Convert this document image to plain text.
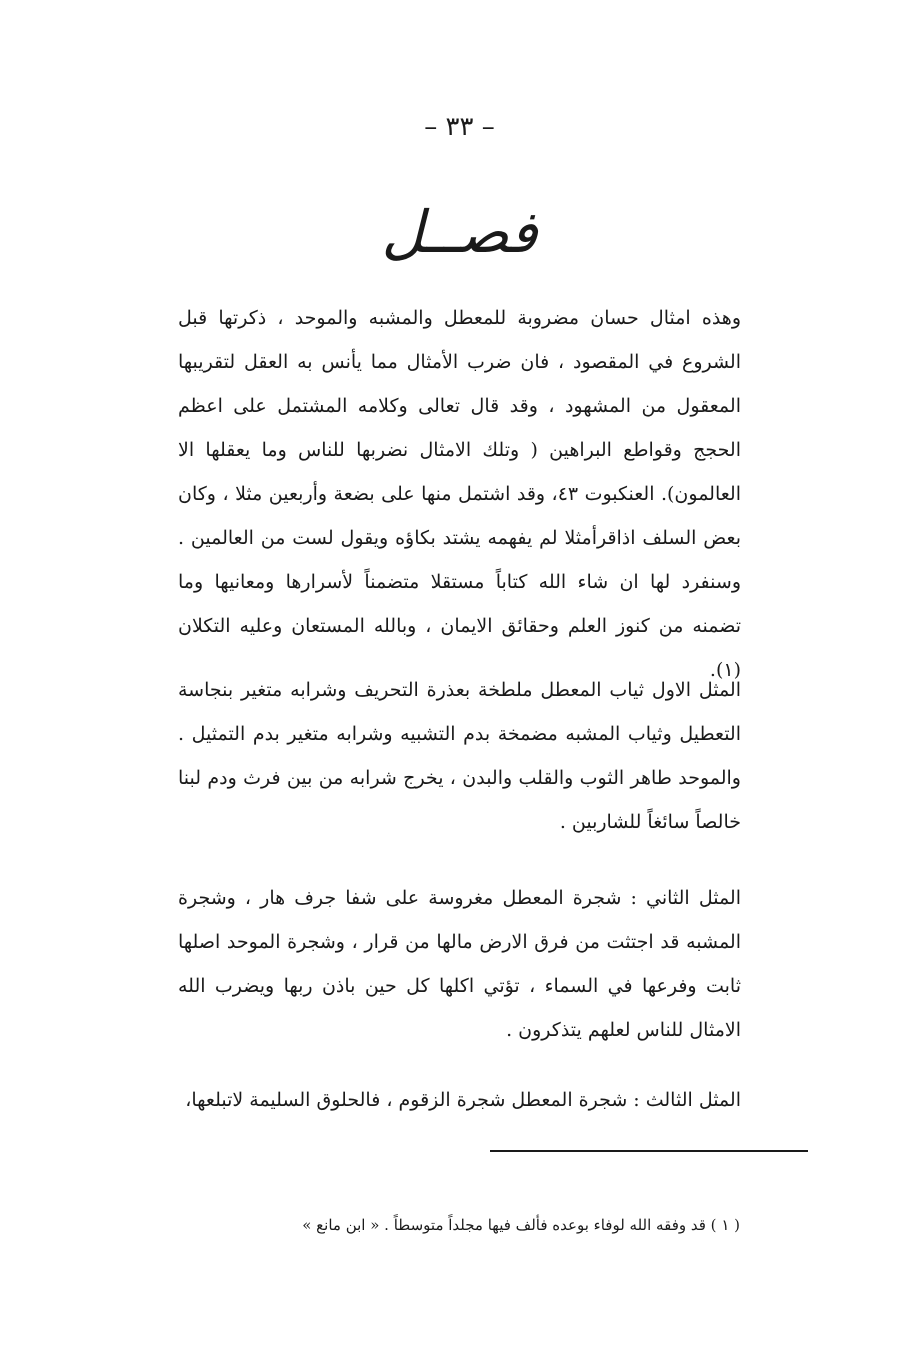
– ٣٣ –
فصــل

وهذه امثال حسان مضروبة للمعطل والمشبه والموحد ، ذكرتها قبل الشروع في المقصود ، فان ضرب الأمثال مما يأنس به العقل لتقريبها المعقول من المشهود ، وقد قال تعالى وكلامه المشتمل على اعظم الحجج وقواطع البراهين ( وتلك الامثال نضربها للناس وما يعقلها الا العالمون). العنكبوت ٤٣، وقد اشتمل منها على بضعة وأربعين مثلا ، وكان بعض السلف اذاقرأمثلا لم يفهمه يشتد بكاؤه ويقول لست من العالمين . وسنفرد لها ان شاء الله كتاباً مستقلا متضمناً لأسرارها ومعانيها وما تضمنه من كنوز العلم وحقائق الايمان ، وبالله المستعان وعليه التكلان (١).

المثل الاول ثياب المعطل ملطخة بعذرة التحريف وشرابه متغير بنجاسة التعطيل وثياب المشبه مضمخة بدم التشبيه وشرابه متغير بدم التمثيل . والموحد طاهر الثوب والقلب والبدن ، يخرج شرابه من بين فرث ودم لبنا خالصاً سائغاً للشاربين .

المثل الثاني : شجرة المعطل مغروسة على شفا جرف هار ، وشجرة المشبه قد اجتثت من فرق الارض مالها من قرار ، وشجرة الموحد اصلها ثابت وفرعها في السماء ، تؤتي اكلها كل حين باذن ربها ويضرب الله الامثال للناس لعلهم يتذكرون .

المثل الثالث : شجرة المعطل شجرة الزقوم ، فالحلوق السليمة لاتبلعها،

( ١ ) قد وفقه الله لوفاء بوعده فألف فيها مجلداً متوسطاً . « ابن مانع »
